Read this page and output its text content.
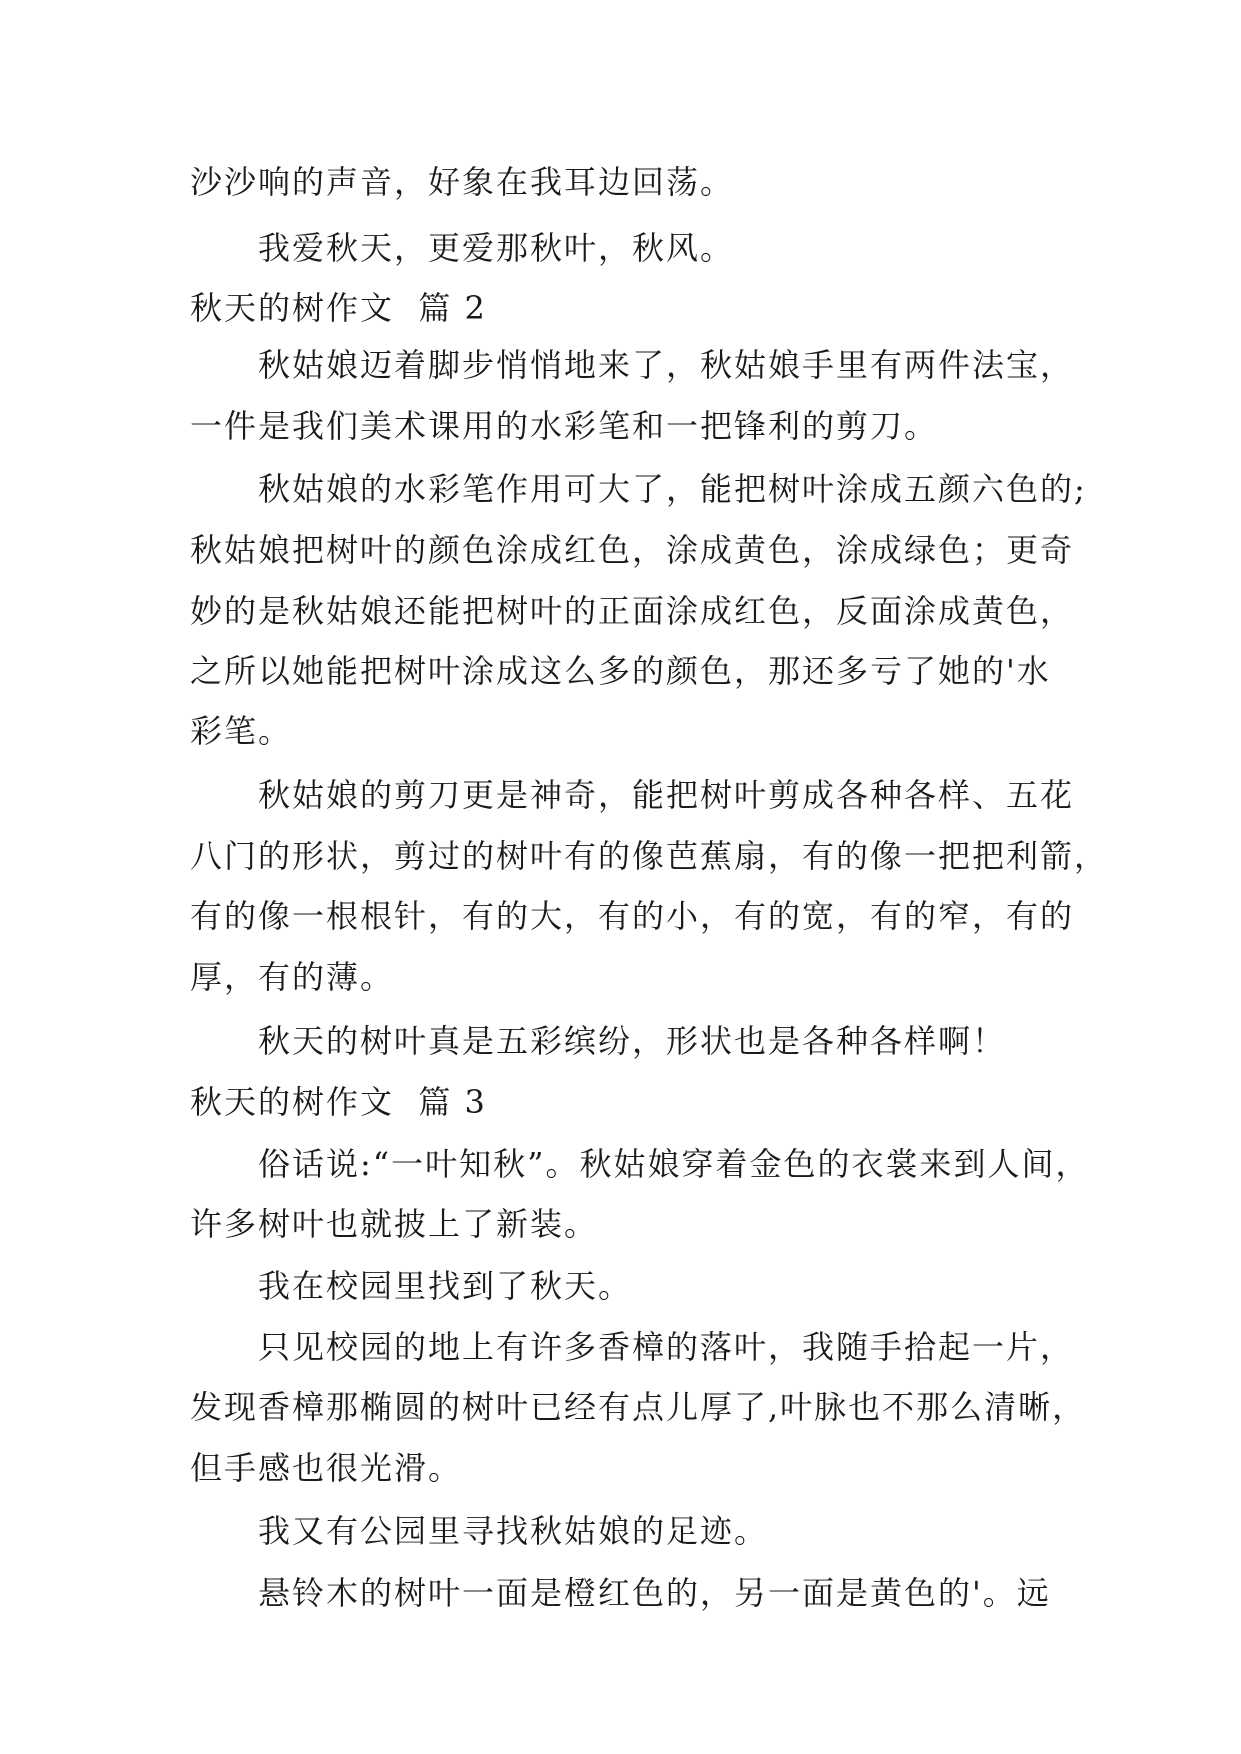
沙沙响的声音，好象在我耳边回荡。
我爱秋天，更爱那秋叶，秋风。
秋天的树作文  篇 2
秋姑娘迈着脚步悄悄地来了，秋姑娘手里有两件法宝，
一件是我们美术课用的水彩笔和一把锋利的剪刀。
秋姑娘的水彩笔作用可大了，能把树叶涂成五颜六色的;
秋姑娘把树叶的颜色涂成红色，涂成黄色，涂成绿色；更奇
妙的是秋姑娘还能把树叶的正面涂成红色，反面涂成黄色，
之所以她能把树叶涂成这么多的颜色，那还多亏了她的'水
彩笔。
秋姑娘的剪刀更是神奇，能把树叶剪成各种各样、五花
八门的形状，剪过的树叶有的像芭蕉扇，有的像一把把利箭，
有的像一根根针，有的大，有的小，有的宽，有的窄，有的
厚，有的薄。
秋天的树叶真是五彩缤纷，形状也是各种各样啊！
秋天的树作文  篇 3
俗话说:“一叶知秋”。秋姑娘穿着金色的衣裳来到人间，
许多树叶也就披上了新装。
我在校园里找到了秋天。
只见校园的地上有许多香樟的落叶，我随手拾起一片，
发现香樟那椭圆的树叶已经有点儿厚了,叶脉也不那么清晰，
但手感也很光滑。
我又有公园里寻找秋姑娘的足迹。
悬铃木的树叶一面是橙红色的，另一面是黄色的'。远
